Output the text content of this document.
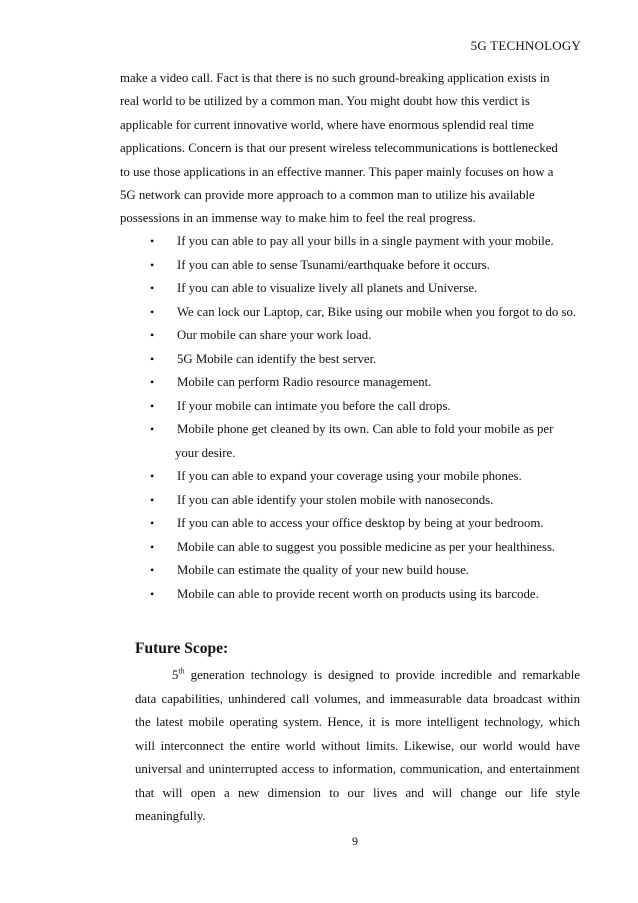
5G TECHNOLOGY
make a video call. Fact is that there is no such ground-breaking application exists in
real world to be utilized by a common man. You might doubt how this verdict is
applicable for current innovative world, where have enormous splendid real time
applications. Concern is that our present wireless telecommunications is bottlenecked
to use those applications in an effective manner. This paper mainly focuses on how a
5G network can provide more approach to a common man to utilize his available
possessions in an immense way to make him to feel the real progress.
•	If you can able to pay all your bills in a single payment with your mobile.
•	If you can able to sense Tsunami/earthquake before it occurs.
•	If you can able to visualize lively all planets and Universe.
•	We can lock our Laptop, car, Bike using our mobile when you forgot to do so.
•	Our mobile can share your work load.
•	5G Mobile can identify the best server.
•	Mobile can perform Radio resource management.
•	If your mobile can intimate you before the call drops.
•	Mobile phone get cleaned by its own. Can able to fold your mobile as per
your desire.
•	If you can able to expand your coverage using your mobile phones.
•	If you can able identify your stolen mobile with nanoseconds.
•	If you can able to access your office desktop by being at your bedroom.
•	Mobile can able to suggest you possible medicine as per your healthiness.
•	Mobile can estimate the quality of your new build house.
•	Mobile can able to provide recent worth on products using its barcode.
Future Scope:
5th generation technology is designed to provide incredible and remarkable
data capabilities, unhindered call volumes, and immeasurable data broadcast within
the latest mobile operating system. Hence, it is more intelligent technology, which
will interconnect the entire world without limits. Likewise, our world would have
universal and uninterrupted access to information, communication, and entertainment
that will open a new dimension to our lives and will change our life style
meaningfully.
9
